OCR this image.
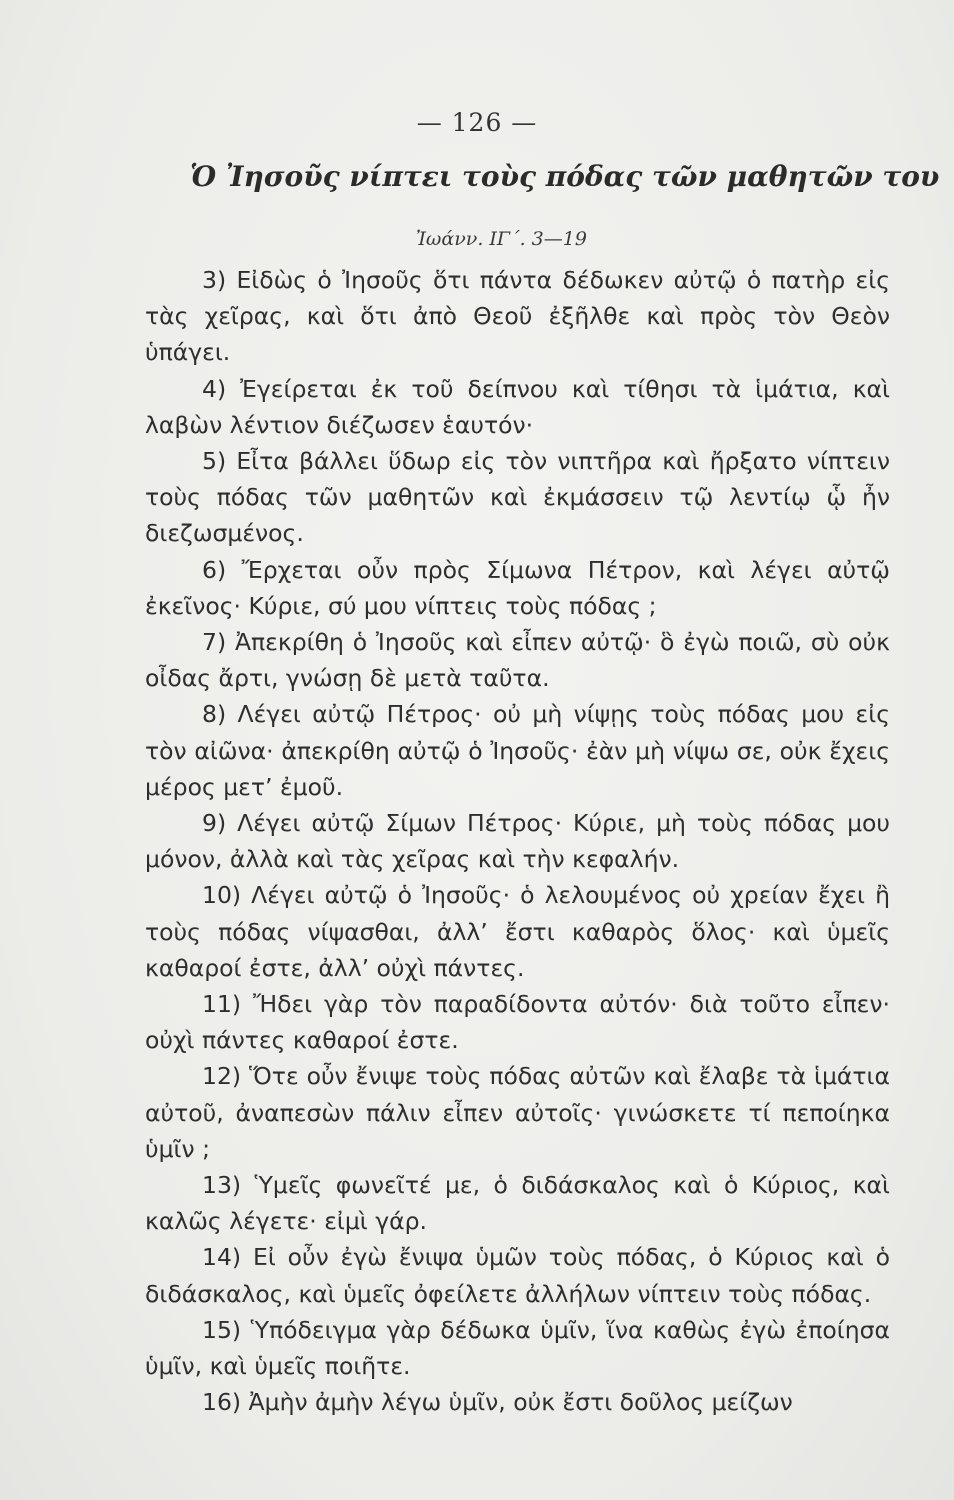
— 126 —
Ὁ Ἰησοῦς νίπτει τοὺς πόδας τῶν μαθητῶν του
Ἰωάνν. ΙΓ΄. 3—19

3) Εἰδὼς ὁ Ἰησοῦς ὅτι πάντα δέδωκεν αὐτῷ ὁ πατὴρ εἰς τὰς χεῖρας, καὶ ὅτι ἀπὸ Θεοῦ ἐξῆλθε καὶ πρὸς τὸν Θεὸν ὑπάγει.

4) Ἐγείρεται ἐκ τοῦ δείπνου καὶ τίθησι τὰ ἱμάτια, καὶ λαβὼν λέντιον διέζωσεν ἑαυτόν·

5) Εἶτα βάλλει ὕδωρ εἰς τὸν νιπτῆρα καὶ ἤρξατο νίπτειν τοὺς πόδας τῶν μαθητῶν καὶ ἐκμάσσειν τῷ λεντίῳ ᾧ ἦν διεζωσμένος.

6) Ἔρχεται οὖν πρὸς Σίμωνα Πέτρον, καὶ λέγει αὐτῷ ἐκεῖνος· Κύριε, σύ μου νίπτεις τοὺς πόδας ;

7) Ἀπεκρίθη ὁ Ἰησοῦς καὶ εἶπεν αὐτῷ· ὃ ἐγὼ ποιῶ, σὺ οὐκ οἶδας ἄρτι, γνώσῃ δὲ μετὰ ταῦτα.

8) Λέγει αὐτῷ Πέτρος· οὐ μὴ νίψῃς τοὺς πόδας μου εἰς τὸν αἰῶνα· ἀπεκρίθη αὐτῷ ὁ Ἰησοῦς· ἐὰν μὴ νίψω σε, οὐκ ἔχεις μέρος μετ’ ἐμοῦ.

9) Λέγει αὐτῷ Σίμων Πέτρος· Κύριε, μὴ τοὺς πόδας μου μόνον, ἀλλὰ καὶ τὰς χεῖρας καὶ τὴν κεφαλήν.

10) Λέγει αὐτῷ ὁ Ἰησοῦς· ὁ λελουμένος οὐ χρείαν ἔχει ἢ τοὺς πόδας νίψασθαι, ἀλλ’ ἔστι καθαρὸς ὅλος· καὶ ὑμεῖς καθαροί ἐστε, ἀλλ’ οὐχὶ πάντες.

11) Ἤδει γὰρ τὸν παραδίδοντα αὐτόν· διὰ τοῦτο εἶπεν· οὐχὶ πάντες καθαροί ἐστε.

12) Ὅτε οὖν ἔνιψε τοὺς πόδας αὐτῶν καὶ ἔλαβε τὰ ἱμάτια αὐτοῦ, ἀναπεσὼν πάλιν εἶπεν αὐτοῖς· γινώσκετε τί πεποίηκα ὑμῖν ;

13) Ὑμεῖς φωνεῖτέ με, ὁ διδάσκαλος καὶ ὁ Κύριος, καὶ καλῶς λέγετε· εἰμὶ γάρ.

14) Εἰ οὖν ἐγὼ ἔνιψα ὑμῶν τοὺς πόδας, ὁ Κύριος καὶ ὁ διδάσκαλος, καὶ ὑμεῖς ὀφείλετε ἀλλήλων νίπτειν τοὺς πόδας.

15) Ὑπόδειγμα γὰρ δέδωκα ὑμῖν, ἵνα καθὼς ἐγὼ ἐποίησα ὑμῖν, καὶ ὑμεῖς ποιῆτε.

16) Ἀμὴν ἀμὴν λέγω ὑμῖν, οὐκ ἔστι δοῦλος μείζων
